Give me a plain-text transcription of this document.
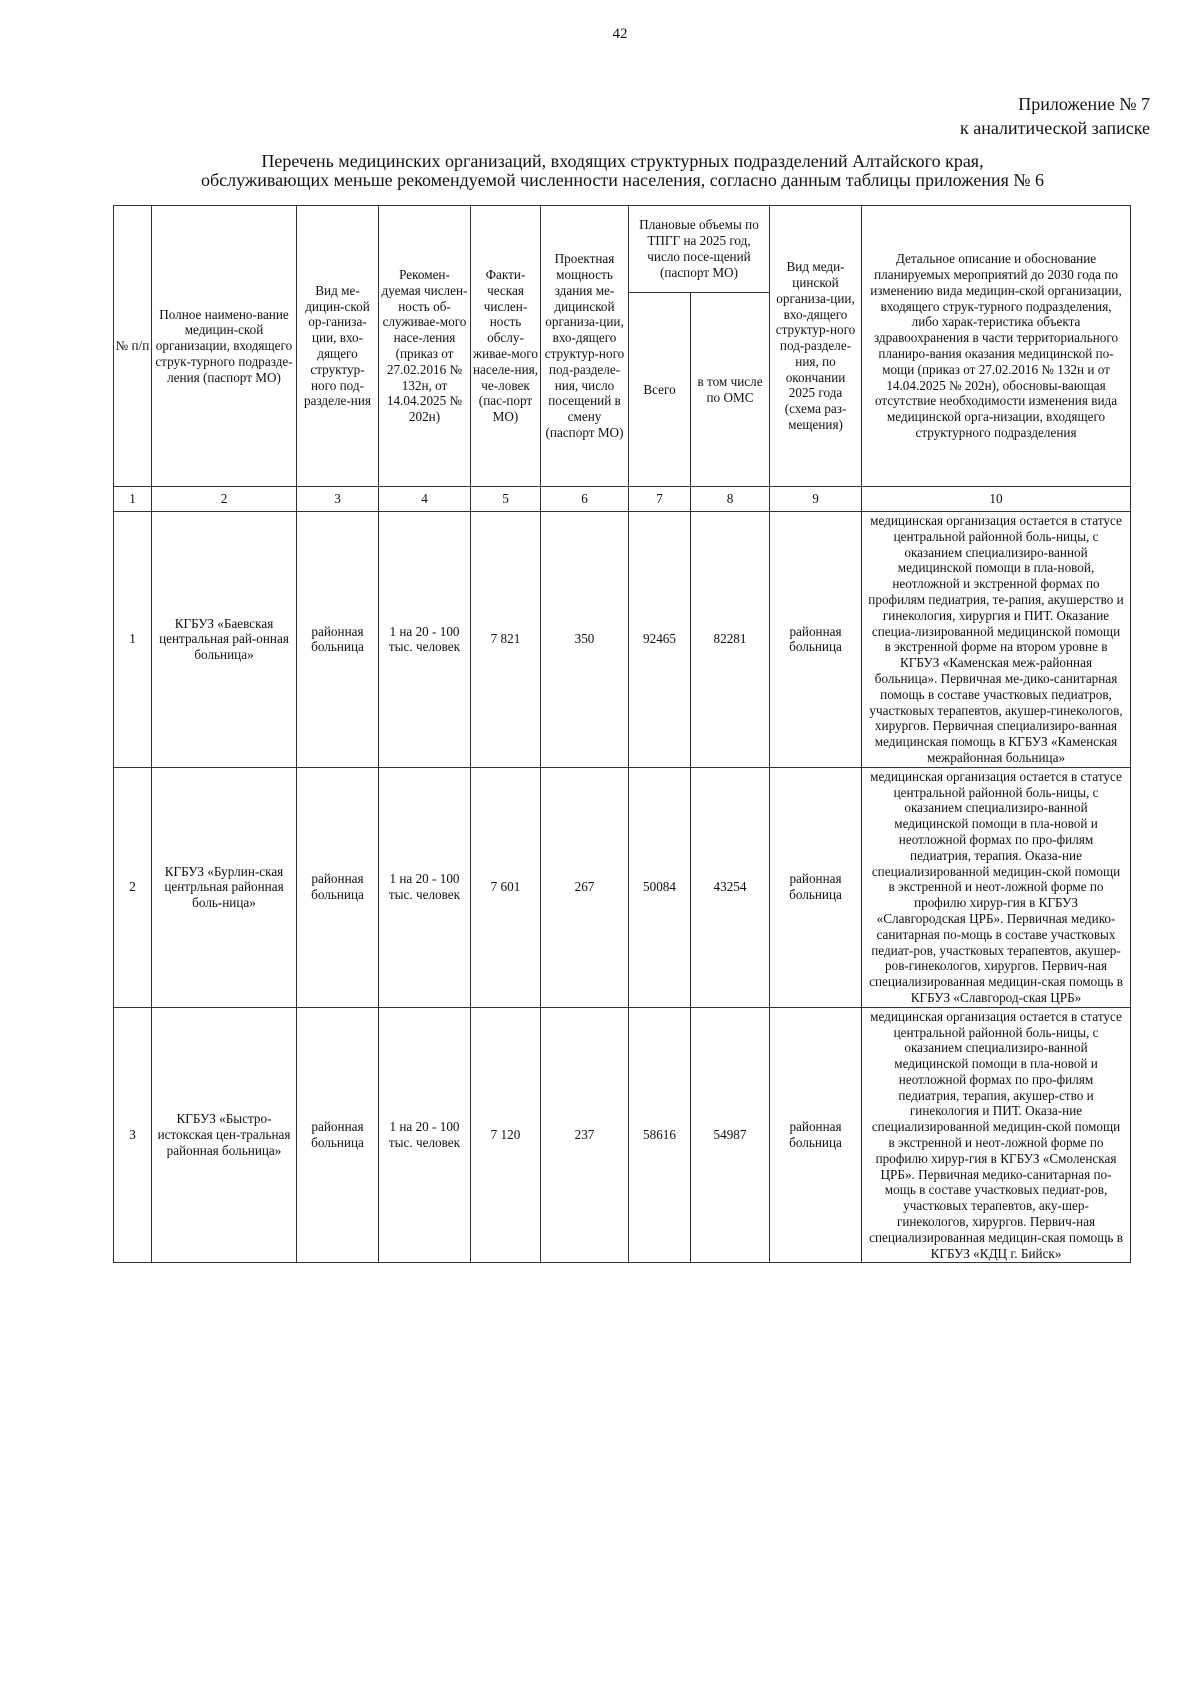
42
Приложение № 7
к аналитической записке
Перечень медицинских организаций, входящих структурных подразделений Алтайского края,
обслуживающих меньше рекомендуемой численности населения, согласно данным таблицы приложения № 6
№ п/п	Полное наимено-вание медицин-ской организации, входящего струк-турного подразде-ления (паспорт МО)	Вид ме-дицин-ской ор-ганиза-ции, вхо-дящего структур-ного под-разделе-ния	Рекомен-дуемая числен-ность об-служивае-мого насе-ления (приказ от 27.02.2016 № 132н, от 14.04.2025 № 202н)	Факти-ческая числен-ность обслу-живае-мого населе-ния, че-ловек (пас-порт МО)	Проектная мощность здания ме-дицинской организа-ции, вхо-дящего структур-ного под-разделе-ния, число посещений в смену (паспорт МО)	Плановые объемы по ТПГГ на 2025 год, число посе-щений (паспорт МО)		Вид меди-цинской организа-ции, вхо-дящего структур-ного под-разделе-ния, по окончании 2025 года (схема раз-мещения)	Детальное описание и обоснование планируемых мероприятий до 2030 года по изменению вида медицин-ской организации, входящего струк-турного подразделения, либо харак-теристика объекта здравоохранения в части территориального планиро-вания оказания медицинской по-мощи (приказ от 27.02.2016 № 132н и от 14.04.2025 № 202н), обосновы-вающая отсутствие необходимости изменения вида медицинской орга-низации, входящего структурного подразделения
						Всего	в том числе по ОМС		
1	2	3	4	5	6	7	8	9	10
1	КГБУЗ «Баевская центральная рай-онная больница»	районная больница	1 на 20 - 100 тыс. человек	7 821	350	92465	82281	районная больница	медицинская организация остается в статусе центральной районной боль-ницы, с оказанием специализиро-ванной медицинской помощи в пла-новой, неотложной и экстренной формах по профилям педиатрия, те-рапия, акушерство и гинекология, хирургия и ПИТ. Оказание специа-лизированной медицинской помощи в экстренной форме на втором уровне в КГБУЗ «Каменская меж-районная больница». Первичная ме-дико-санитарная помощь в составе участковых педиатров, участковых терапевтов, акушер-гинекологов, хирургов. Первичная специализиро-ванная медицинская помощь в КГБУЗ «Каменская межрайонная больница»
2	КГБУЗ «Бурлин-ская центрльная районная боль-ница»	районная больница	1 на 20 - 100 тыс. человек	7 601	267	50084	43254	районная больница	медицинская организация остается в статусе центральной районной боль-ницы, с оказанием специализиро-ванной медицинской помощи в пла-новой и неотложной формах по про-филям педиатрия, терапия. Оказа-ние специализированной медицин-ской помощи в экстренной и неот-ложной форме по профилю хирур-гия в КГБУЗ «Славгородская ЦРБ». Первичная медико-санитарная по-мощь в составе участковых педиат-ров, участковых терапевтов, акушер-ров-гинекологов, хирургов. Первич-ная специализированная медицин-ская помощь в КГБУЗ «Славгород-ская ЦРБ»
3	КГБУЗ «Быстро-истокская цен-тральная районная больница»	районная больница	1 на 20 - 100 тыс. человек	7 120	237	58616	54987	районная больница	медицинская организация остается в статусе центральной районной боль-ницы, с оказанием специализиро-ванной медицинской помощи в пла-новой и неотложной формах по про-филям педиатрия, терапия, акушер-ство и гинекология и ПИТ. Оказа-ние специализированной медицин-ской помощи в экстренной и неот-ложной форме по профилю хирур-гия в КГБУЗ «Смоленская ЦРБ». Первичная медико-санитарная по-мощь в составе участковых педиат-ров, участковых терапевтов, аку-шер-гинекологов, хирургов. Первич-ная специализированная медицин-ская помощь в КГБУЗ «КДЦ г. Бийск»
